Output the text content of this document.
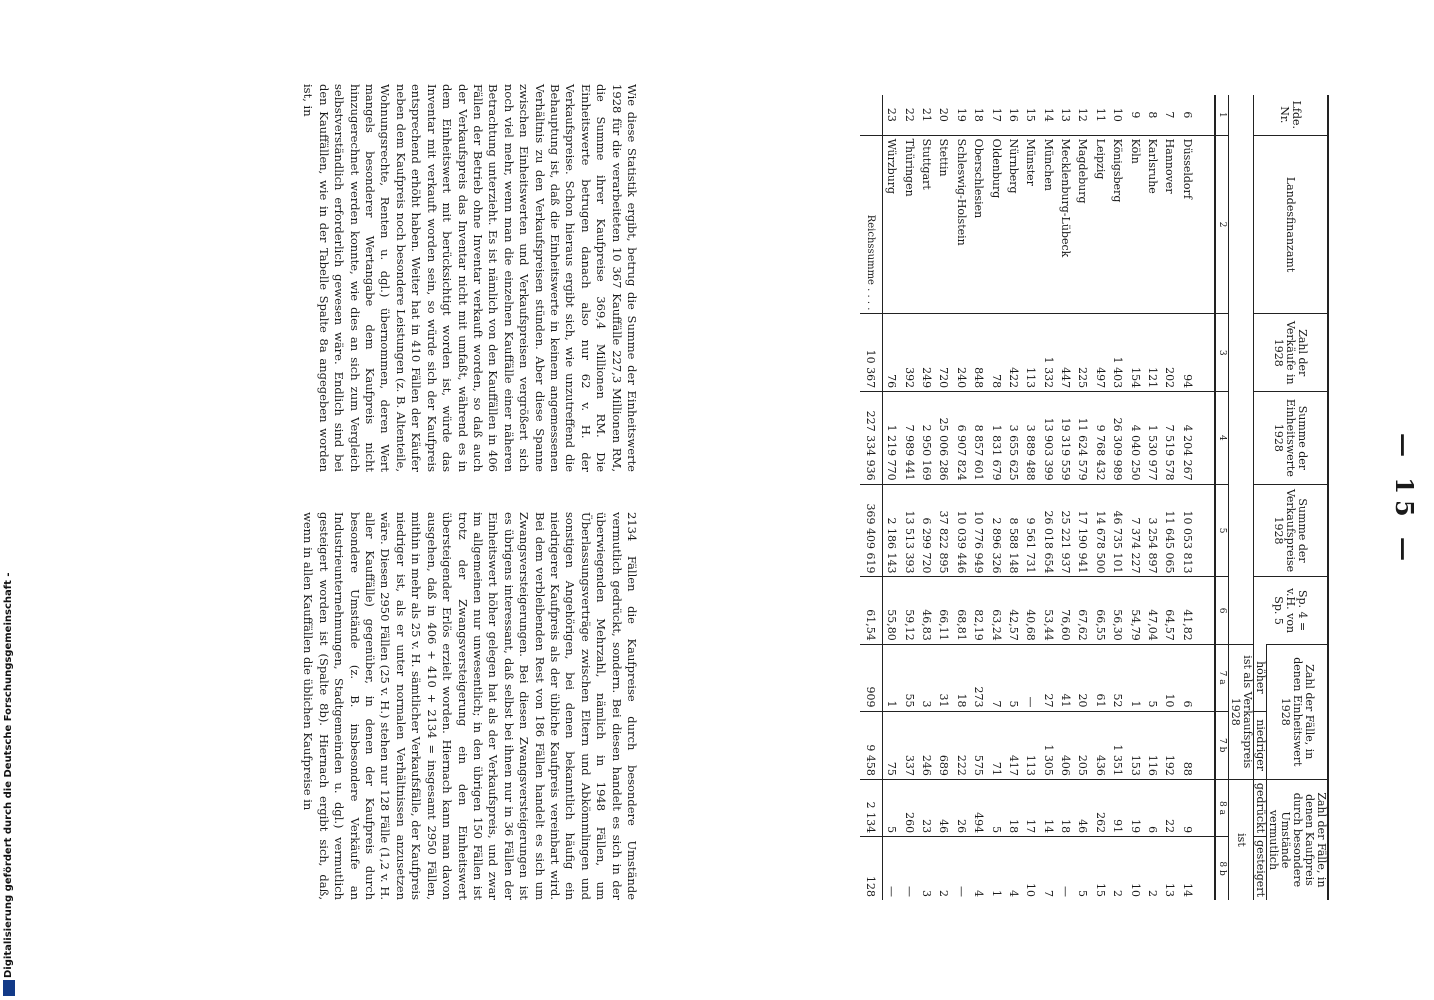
— 15 —
Lfde. Nr.	Landesfinanzamt	Zahl der Verkäufe in 1928	Summe der Einheitswerte 1928	Summe der Verkaufspreise 1928	Sp. 4 = v.H. von Sp. 5	Zahl der Fälle, in denen Einheitswert 1928		Zahl der Fälle, in denen Kaufpreis durch besondere Umstände vermutlich	

						höher	niedriger	gedrückt	gesteigert

						ist als Verkaufspreis 1928		ist	
1	2	3	4	5	6	7 a	7 b	8 a	8 b
6	Düsseldorf	94	4 204 267	10 053 813	41,82	6	88	9	14
7	Hannover	202	7 519 578	11 645 065	64,57	10	192	22	13
8	Karlsruhe	121	1 530 977	3 254 897	47,04	5	116	6	2
9	Köln	154	4 040 250	7 374 227	54,79	1	153	19	10
10	Königsberg	1 403	26 309 989	46 735 101	56,30	52	1 351	91	2
11	Leipzig	497	9 768 432	14 678 500	66,55	61	436	262	15
12	Magdeburg	225	11 624 579	17 190 941	67,62	20	205	46	5
13	Mecklenburg-Lübeck	447	19 319 559	25 221 937	76,60	41	406	18	—
14	München	1 332	13 903 399	26 018 654	53,44	27	1 305	14	7
15	Münster	113	3 889 488	9 561 731	40,68	—	113	17	10
16	Nürnberg	422	3 655 625	8 588 148	42,57	5	417	18	4
17	Oldenburg	78	1 831 679	2 896 326	63,24	7	71	5	1
18	Oberschlesien	848	8 857 601	10 776 949	82,19	273	575	494	4
19	Schleswig-Holstein	240	6 907 824	10 039 446	68,81	18	222	26	—
20	Stettin	720	25 006 286	37 822 895	66,11	31	689	46	2
21	Stuttgart	249	2 950 169	6 299 720	46,83	3	246	23	3
22	Thüringen	392	7 989 441	13 513 393	59,12	55	337	260	—
23	Würzburg	76	1 219 770	2 186 143	55,80	1	75	5	—
	Reichssumme . . . .	10 367	227 334 936	369 409 619	61,54	909	9 458	2 134	128
Wie diese Statistik ergibt, betrug die Summe der Einheitswerte 1928 für die verarbeiteten 10 367 Kauffälle 227,3 Millionen RM, die Summe ihrer Kaufpreise 369,4 Millionen RM. Die Einheitswerte betrugen danach also nur 62 v. H. der Verkaufspreise. Schon hieraus ergibt sich, wie unzutreffend die Behauptung ist, daß die Einheitswerte in keinem angemessenen Verhältnis zu den Verkaufspreisen stünden. Aber diese Spanne zwischen Einheitswerten und Verkaufspreisen vergrößert sich noch viel mehr, wenn man die einzelnen Kauffälle einer näheren Betrachtung unterzieht. Es ist nämlich von den Kauffällen in 406 Fällen der Betrieb ohne Inventar verkauft worden, so daß auch der Verkaufspreis das Inventar nicht mit umfaßt, während es in dem Einheitswert mit berücksichtigt worden ist, würde das Inventar mit verkauft worden sein, so würde sich der Kaufpreis entsprechend erhöht haben. Weiter hat in 410 Fällen der Käufer neben dem Kaufpreis noch besondere Leistungen (z. B. Altenteile, Wohnungsrechte, Renten u. dgl.) übernommen, deren Wert mangels besonderer Wertangabe dem Kaufpreis nicht hinzugerechnet werden konnte, wie dies an sich zum Vergleich selbstverständlich erforderlich gewesen wäre. Endlich sind bei den Kauffällen, wie in der Tabelle Spalte 8a angegeben worden ist, in
2134 Fällen die Kaufpreise durch besondere Umstände vermutlich gedrückt, sondern. Bei diesen handelt es sich in der überwiegenden Mehrzahl, nämlich in 1948 Fällen, um Überlassungsverträge zwischen Eltern und Abkömmlingen und sonstigen Angehörigen, bei denen bekanntlich häufig ein niedrigerer Kaufpreis als der übliche Kaufpreis vereinbart wird. Bei dem verbleibenden Rest von 186 Fällen handelt es sich um Zwangsversteigerungen. Bei diesen Zwangsversteigerungen ist es übrigens interessant, daß selbst bei ihnen nur in 36 Fällen der Einheitswert höher gelegen hat als der Verkaufspreis, und zwar im allgemeinen nur unwesentlich; in den übrigen 150 Fällen ist trotz der Zwangsversteigerung ein den Einheitswert übersteigender Erlös erzielt worden. Hiernach kann man davon ausgehen, daß in 406 + 410 + 2134 = insgesamt 2950 Fällen, mithin in mehr als 25 v. H. sämtlicher Verkaufsfälle, der Kaufpreis niedriger ist, als er unter normalen Verhältnissen anzusetzen wäre. Diesen 2950 Fällen (25 v. H.) stehen nur 128 Fälle (1,2 v. H. aller Kauffälle) gegenüber, in denen der Kaufpreis durch besondere Umstände (z. B. insbesondere Verkäufe an Industrieunternehmungen, Stadtgemeinden u. dgl.) vermutlich gesteigert worden ist (Spalte 8b). Hiernach ergibt sich, daß, wenn in allen Kauffällen die üblichen Kaufpreise in
Digitalisierung gefördert durch die Deutsche Forschungsgemeinschaft -
